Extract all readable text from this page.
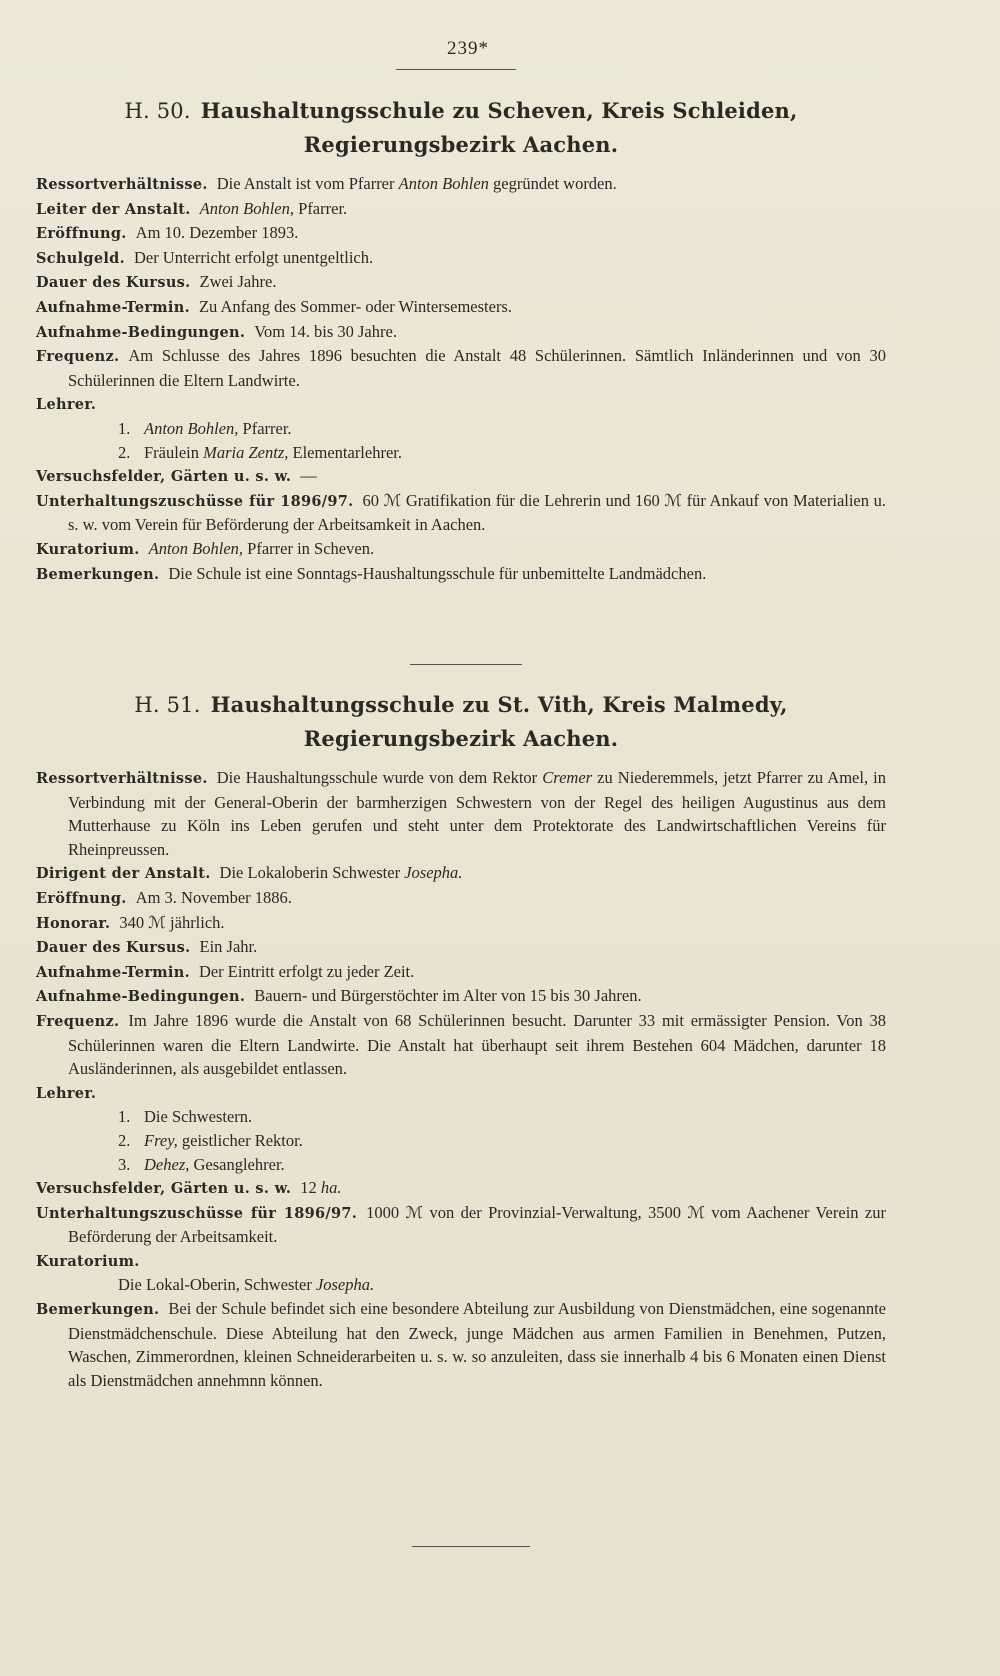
239*
H. 50. Haushaltungsschule zu Scheven, Kreis Schleiden, Regierungsbezirk Aachen.
Ressortverhältnisse. Die Anstalt ist vom Pfarrer Anton Bohlen gegründet worden.
Leiter der Anstalt. Anton Bohlen, Pfarrer.
Eröffnung. Am 10. Dezember 1893.
Schulgeld. Der Unterricht erfolgt unentgeltlich.
Dauer des Kursus. Zwei Jahre.
Aufnahme-Termin. Zu Anfang des Sommer- oder Wintersemesters.
Aufnahme-Bedingungen. Vom 14. bis 30 Jahre.
Frequenz. Am Schlusse des Jahres 1896 besuchten die Anstalt 48 Schülerinnen. Sämtlich Inländerinnen und von 30 Schülerinnen die Eltern Landwirte.
Lehrer.
1. Anton Bohlen, Pfarrer.
2. Fräulein Maria Zentz, Elementarlehrer.
Versuchsfelder, Gärten u. s. w. —
Unterhaltungszuschüsse für 1896/97. 60 ℳ Gratifikation für die Lehrerin und 160 ℳ für Ankauf von Materialien u. s. w. vom Verein für Beförderung der Arbeitsamkeit in Aachen.
Kuratorium. Anton Bohlen, Pfarrer in Scheven.
Bemerkungen. Die Schule ist eine Sonntags-Haushaltungsschule für unbemittelte Landmädchen.
H. 51. Haushaltungsschule zu St. Vith, Kreis Malmedy, Regierungsbezirk Aachen.
Ressortverhältnisse. Die Haushaltungsschule wurde von dem Rektor Cremer zu Niederemmels, jetzt Pfarrer zu Amel, in Verbindung mit der General-Oberin der barmherzigen Schwestern von der Regel des heiligen Augustinus aus dem Mutterhause zu Köln ins Leben gerufen und steht unter dem Protektorate des Landwirtschaftlichen Vereins für Rheinpreussen.
Dirigent der Anstalt. Die Lokaloberin Schwester Josepha.
Eröffnung. Am 3. November 1886.
Honorar. 340 ℳ jährlich.
Dauer des Kursus. Ein Jahr.
Aufnahme-Termin. Der Eintritt erfolgt zu jeder Zeit.
Aufnahme-Bedingungen. Bauern- und Bürgerstöchter im Alter von 15 bis 30 Jahren.
Frequenz. Im Jahre 1896 wurde die Anstalt von 68 Schülerinnen besucht. Darunter 33 mit ermässigter Pension. Von 38 Schülerinnen waren die Eltern Landwirte. Die Anstalt hat überhaupt seit ihrem Bestehen 604 Mädchen, darunter 18 Ausländerinnen, als ausgebildet entlassen.
Lehrer.
1. Die Schwestern.
2. Frey, geistlicher Rektor.
3. Dehez, Gesanglehrer.
Versuchsfelder, Gärten u. s. w. 12 ha.
Unterhaltungszuschüsse für 1896/97. 1000 ℳ von der Provinzial-Verwaltung, 3500 ℳ vom Aachener Verein zur Beförderung der Arbeitsamkeit.
Kuratorium.
Die Lokal-Oberin, Schwester Josepha.
Bemerkungen. Bei der Schule befindet sich eine besondere Abteilung zur Ausbildung von Dienstmädchen, eine sogenannte Dienstmädchenschule. Diese Abteilung hat den Zweck, junge Mädchen aus armen Familien in Benehmen, Putzen, Waschen, Zimmerordnen, kleinen Schneiderarbeiten u. s. w. so anzuleiten, dass sie innerhalb 4 bis 6 Monaten einen Dienst als Dienstmädchen annehmnn können.
